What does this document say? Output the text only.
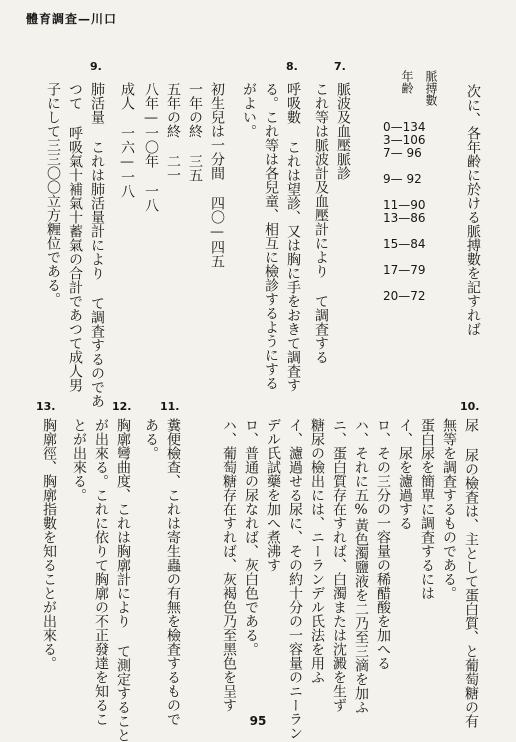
體育調査—川口
次に、各年齢に於ける脈搏數を記すれば
脈搏數
年齢
0—134
3—106
7— 96
9— 92
11—90
13—86
15—84
17—79
20—72
7.
脈波及血壓脈診
これ等は脈波計及血壓計により て調査する
8.
呼吸數 これは望診、又は胸に手をおきて調査す
る。これ等は各兒童、相互に檢診するようにする
がよい。
初生兒は一分間 四〇—四五
一年の終 三五
五年の終 二一
八年—一〇年 一八
成人 一六—一八
9.
肺活量 これは肺活量計により て調査するのであ
つて 呼吸氣十補氣十蓄氣の合計であつて成人男
子にして三三〇〇立方糎位である。
10.
尿 尿の檢査は、主として蛋白質、と葡萄糖の有
無等を調査するものである。
蛋白尿を簡單に調査するには
イ、尿を濾過する
ロ、その三分の一容量の稀醋酸を加へる
ハ、それに五%黃色濁鹽液を二乃至三滴を加ふ
ニ、蛋白質存在すれば、白濁または沈澱を生ず
糖尿の檢出には、ニーランデル氏法を用ふ
イ、濾過せる尿に、その約十分の一容量のニーラン
デル氏試藥を加へ煮沸す
ロ、普通の尿なれば、灰白色である。
ハ、葡萄糖存在すれば、灰褐色乃至黑色を呈す
11.
糞便檢查、これは寄生蟲の有無を檢査するもので
ある。
12.
胸廓彎曲度、これは胸廓計により て測定すること
が出來る。これに依りて胸廓の不正發達を知るこ
とが出來る。
13.
胸廓徑、胸廓指數を知ることが出來る。
95
